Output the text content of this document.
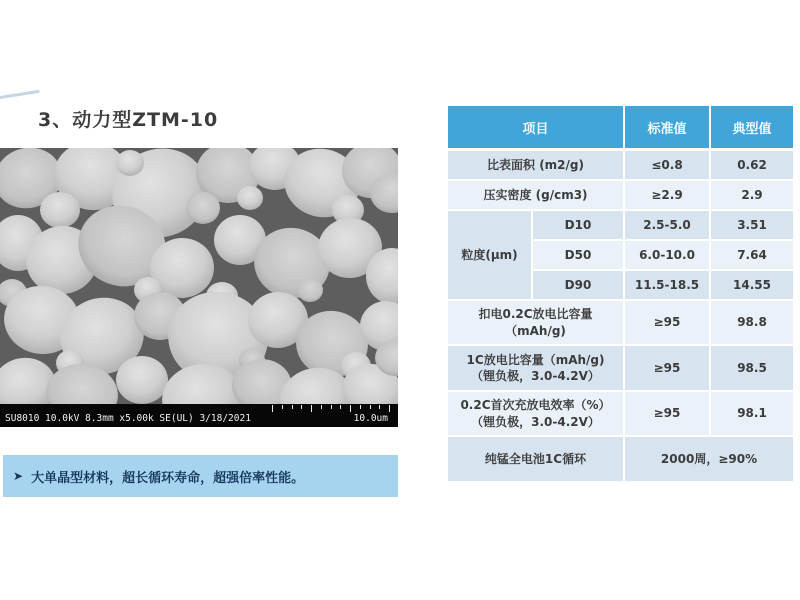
3、动力型ZTM-10
SU8010 10.0kV 8.3mm x5.00k SE(UL) 3/18/2021	10.0um
项目		标准值	典型值
比表面积 (m2/g)		≤0.8	0.62
压实密度 (g/cm3)		≥2.9	2.9
粒度(μm)	D10	2.5-5.0	3.51
	D50	6.0-10.0	7.64
	D90	11.5-18.5	14.55

扣电0.2C放电比容量
（mAh/g)		≥95	98.8

1C放电比容量（mAh/g)
（锂负极，3.0-4.2V）		≥95	98.5

0.2C首次充放电效率（%）
（锂负极，3.0-4.2V）		≥95	98.1
纯锰全电池1C循环		2000周，≥90%	
➤ 大单晶型材料，超长循环寿命，超强倍率性能。
